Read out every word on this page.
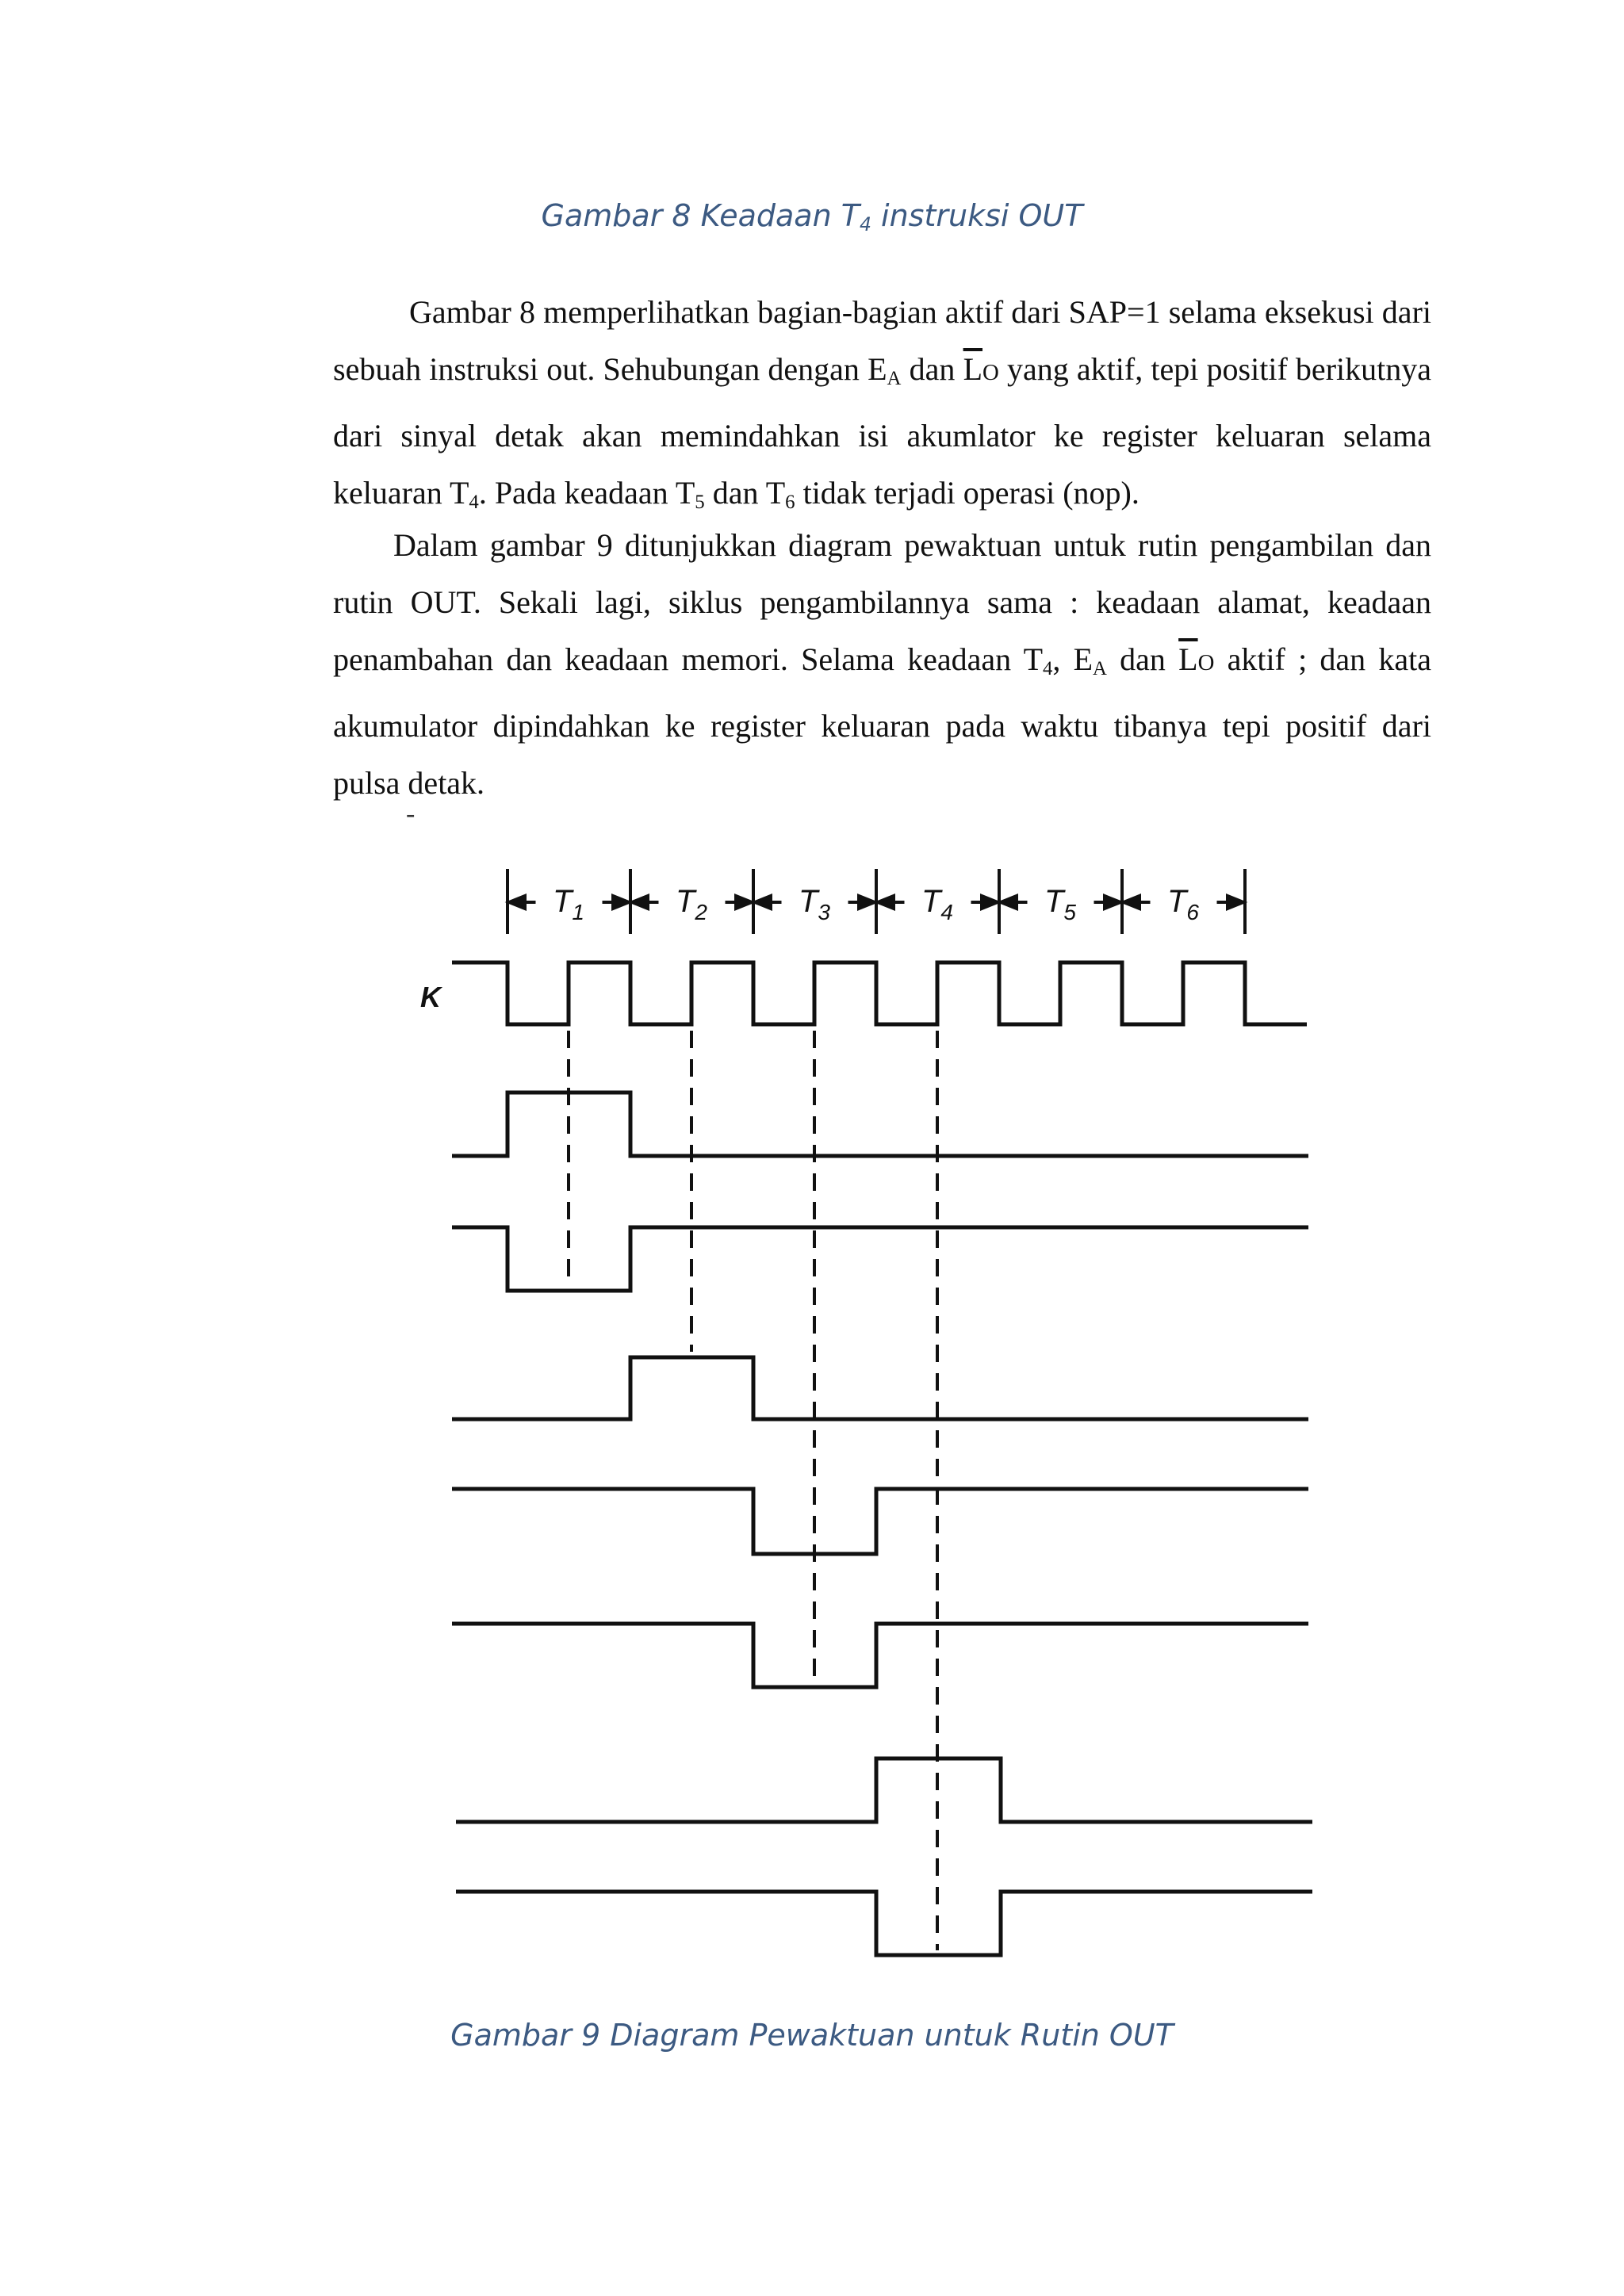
Gambar 8 Keadaan $T_4$ instruksi OUT

Gambar 8 memperlihatkan bagian-bagian aktif dari SAP=1 selama eksekusi dari sebuah instruksi out. Sehubungan dengan $E_A$ dan $\overline{L}O$ yang aktif, tepi positif berikutnya dari sinyal detak akan memindahkan isi akumlator ke register keluaran selama keluaran $T_4$. Pada keadaan $T_5$ dan $T_6$ tidak terjadi operasi (nop).

Dalam gambar 9 ditunjukkan diagram pewaktuan untuk rutin pengambilan dan rutin OUT. Sekali lagi, siklus pengambilannya sama : keadaan alamat, keadaan penambahan dan keadaan memori. Selama keadaan $T_4$, $E_A$ dan $\overline{L}O$ aktif ; dan kata akumulator dipindahkan ke register keluaran pada waktu tibanya tepi positif dari pulsa detak.

-
$T_1$	$T_2$	$T_3$	$T_4$	$T_5$	$T_6$
K
Gambar 9 Diagram Pewaktuan untuk Rutin OUT
